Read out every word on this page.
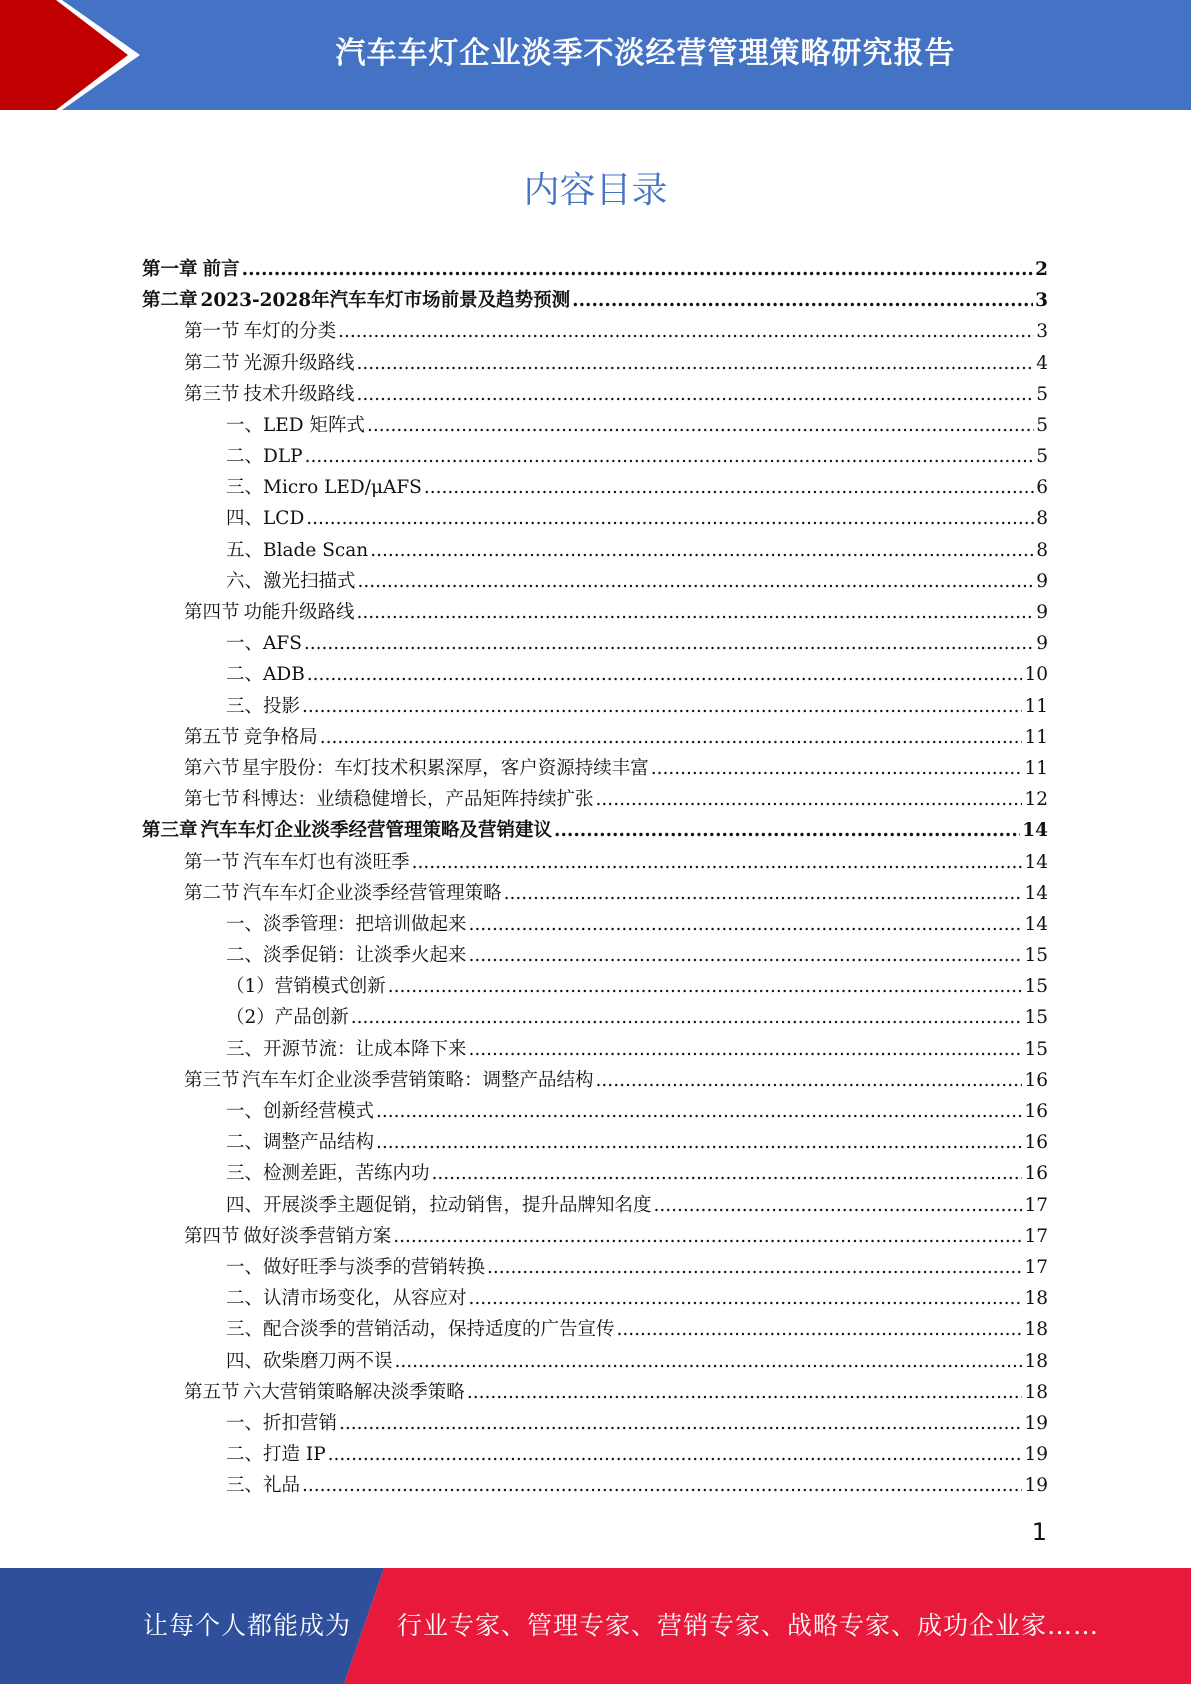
汽车车灯企业淡季不淡经营管理策略研究报告
内容目录
第一章 前言 .....	2
第二章 2023-2028年汽车车灯市场前景及趋势预测 .....	3
第一节 车灯的分类 .....	3
第二节 光源升级路线 .....	4
第三节 技术升级路线 .....	5
一、LED 矩阵式 .....	5
二、DLP .....	5
三、Micro LED/μAFS .....	6
四、LCD .....	8
五、Blade Scan .....	8
六、激光扫描式 .....	9
第四节 功能升级路线 .....	9
一、AFS .....	9
二、ADB .....	10
三、投影 .....	11
第五节 竞争格局 .....	11
第六节 星宇股份：车灯技术积累深厚，客户资源持续丰富 .....	11
第七节 科博达：业绩稳健增长，产品矩阵持续扩张 .....	12
第三章 汽车车灯企业淡季经营管理策略及营销建议 .....	14
第一节 汽车车灯也有淡旺季 .....	14
第二节 汽车车灯企业淡季经营管理策略 .....	14
一、淡季管理：把培训做起来 .....	14
二、淡季促销：让淡季火起来 .....	15
（1）营销模式创新 .....	15
（2）产品创新 .....	15
三、开源节流：让成本降下来 .....	15
第三节 汽车车灯企业淡季营销策略：调整产品结构 .....	16
一、创新经营模式 .....	16
二、调整产品结构 .....	16
三、检测差距，苦练内功 .....	16
四、开展淡季主题促销，拉动销售，提升品牌知名度 .....	17
第四节 做好淡季营销方案 .....	17
一、做好旺季与淡季的营销转换 .....	17
二、认清市场变化，从容应对 .....	18
三、配合淡季的营销活动，保持适度的广告宣传 .....	18
四、砍柴磨刀两不误 .....	18
第五节 六大营销策略解决淡季策略 .....	18
一、折扣营销 .....	19
二、打造 IP .....	19
三、礼品 .....	19
1
让每个人都能成为 行业专家、管理专家、营销专家、战略专家、成功企业家……
